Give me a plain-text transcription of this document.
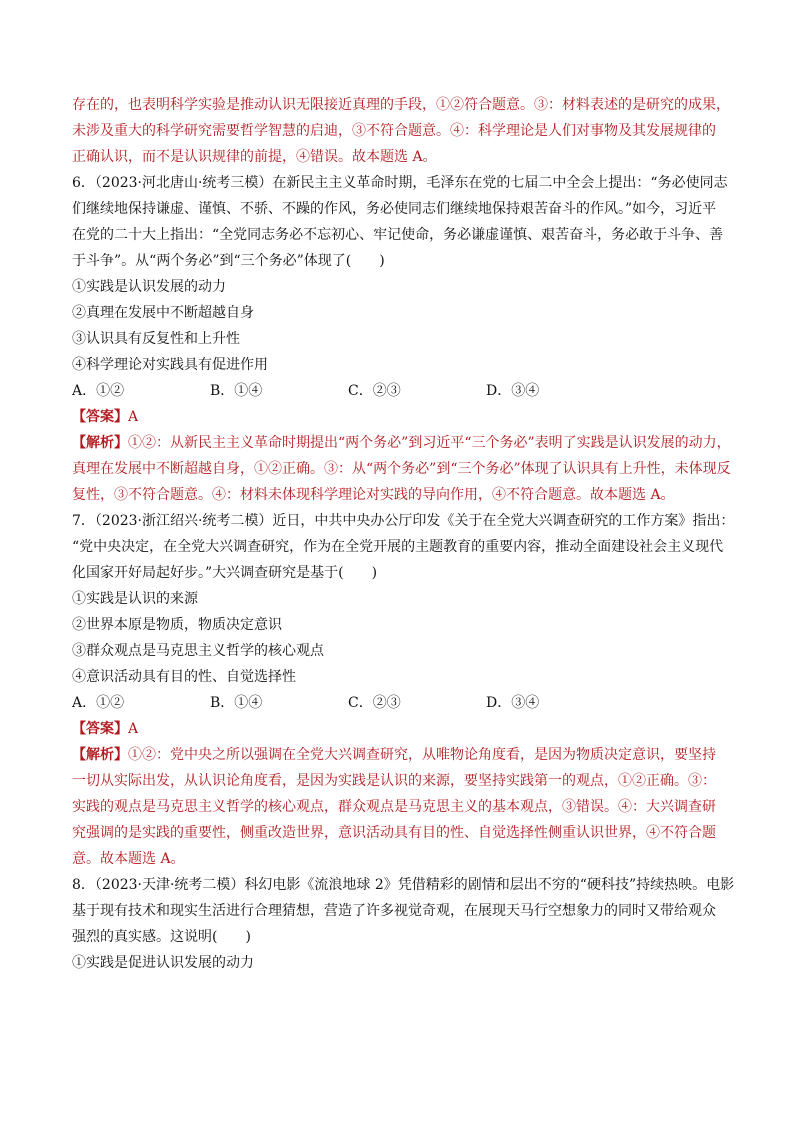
存在的，也表明科学实验是推动认识无限接近真理的手段，①②符合题意。③：材料表述的是研究的成果，
未涉及重大的科学研究需要哲学智慧的启迪，③不符合题意。④：科学理论是人们对事物及其发展规律的
正确认识，而不是认识规律的前提，④错误。故本题选 A。
6．（2023·河北唐山·统考三模）在新民主主义革命时期，毛泽东在党的七届二中全会上提出：“务必使同志
们继续地保持谦虚、谨慎、不骄、不躁的作风，务必使同志们继续地保持艰苦奋斗的作风。”如今，习近平
在党的二十大上指出：“全党同志务必不忘初心、牢记使命，务必谦虚谨慎、艰苦奋斗，务必敢于斗争、善
于斗争”。从“两个务必”到“三个务必”体现了(　　)
①实践是认识发展的动力
②真理在发展中不断超越自身
③认识具有反复性和上升性
④科学理论对实践具有促进作用
A．①②	B．①④	C．②③	D．③④
【答案】A
【解析】①②：从新民主主义革命时期提出“两个务必”到习近平“三个务必”表明了实践是认识发展的动力，
真理在发展中不断超越自身，①②正确。③：从“两个务必”到“三个务必”体现了认识具有上升性，未体现反
复性，③不符合题意。④：材料未体现科学理论对实践的导向作用，④不符合题意。故本题选 A。
7．（2023·浙江绍兴·统考二模）近日，中共中央办公厅印发《关于在全党大兴调查研究的工作方案》指出：
“党中央决定，在全党大兴调查研究，作为在全党开展的主题教育的重要内容，推动全面建设社会主义现代
化国家开好局起好步。”大兴调查研究是基于(　　)
①实践是认识的来源
②世界本原是物质，物质决定意识
③群众观点是马克思主义哲学的核心观点
④意识活动具有目的性、自觉选择性
A．①②	B．①④	C．②③	D．③④
【答案】A
【解析】①②：党中央之所以强调在全党大兴调查研究，从唯物论角度看，是因为物质决定意识，要坚持
一切从实际出发，从认识论角度看，是因为实践是认识的来源，要坚持实践第一的观点，①②正确。③：
实践的观点是马克思主义哲学的核心观点，群众观点是马克思主义的基本观点，③错误。④：大兴调查研
究强调的是实践的重要性，侧重改造世界，意识活动具有目的性、自觉选择性侧重认识世界，④不符合题
意。故本题选 A。
8．（2023·天津·统考二模）科幻电影《流浪地球 2》凭借精彩的剧情和层出不穷的“硬科技”持续热映。电影
基于现有技术和现实生活进行合理猜想，营造了许多视觉奇观，在展现天马行空想象力的同时又带给观众
强烈的真实感。这说明(　　)
①实践是促进认识发展的动力
